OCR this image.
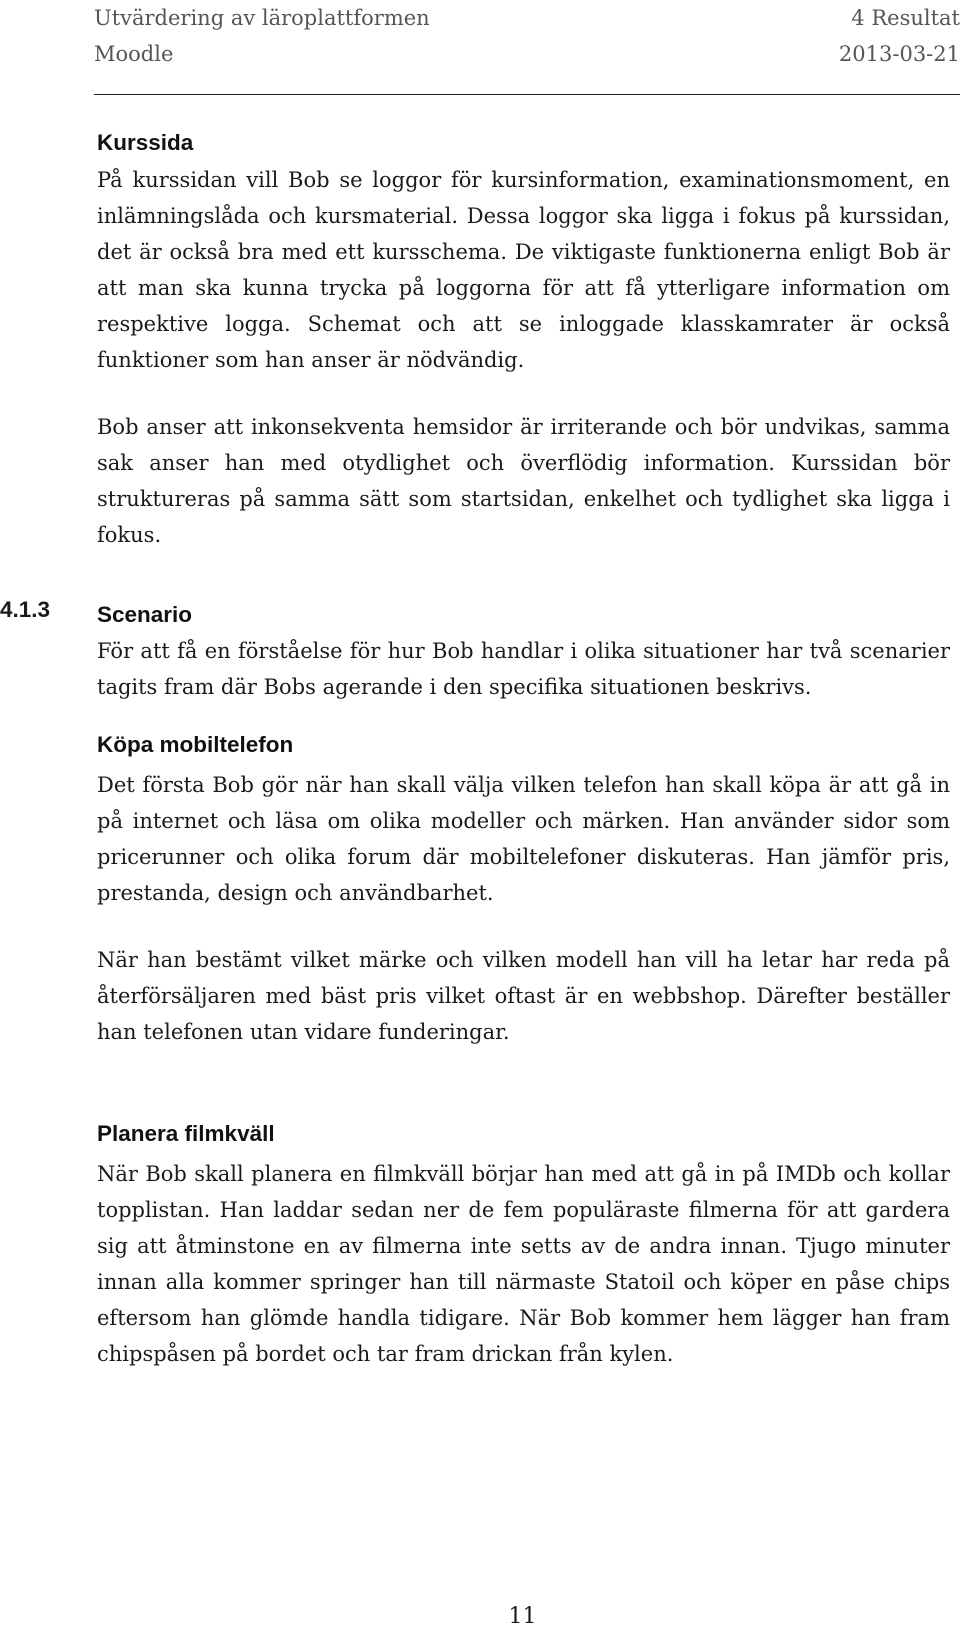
Utvärdering av läroplattformen	4 Resultat
Moodle	2013-03-21
Kurssida

På kurssidan vill Bob se loggor för kursinformation, examinationsmoment, en inlämningslåda och kursmaterial. Dessa loggor ska ligga i fokus på kurssidan, det är också bra med ett kursschema. De viktigaste funktionerna enligt Bob är att man ska kunna trycka på loggorna för att få ytterligare information om respektive logga. Schemat och att se inloggade klasskamrater är också funktioner som han anser är nödvändig.

Bob anser att inkonsekventa hemsidor är irriterande och bör undvikas, samma sak anser han med otydlighet och överflödig information. Kurssidan bör struktureras på samma sätt som startsidan, enkelhet och tydlighet ska ligga i fokus.

4.1.3 Scenario

För att få en förståelse för hur Bob handlar i olika situationer har två scenarier tagits fram där Bobs agerande i den specifika situationen beskrivs.

Köpa mobiltelefon

Det första Bob gör när han skall välja vilken telefon han skall köpa är att gå in på internet och läsa om olika modeller och märken. Han använder sidor som pricerunner och olika forum där mobiltelefoner diskuteras. Han jämför pris, prestanda, design och användbarhet.

När han bestämt vilket märke och vilken modell han vill ha letar har reda på återförsäljaren med bäst pris vilket oftast är en webbshop. Därefter beställer han telefonen utan vidare funderingar.

Planera filmkväll

När Bob skall planera en filmkväll börjar han med att gå in på IMDb och kollar topplistan. Han laddar sedan ner de fem populäraste filmerna för att gardera sig att åtminstone en av filmerna inte setts av de andra innan. Tjugo minuter innan alla kommer springer han till närmaste Statoil och köper en påse chips eftersom han glömde handla tidigare. När Bob kommer hem lägger han fram chipspåsen på bordet och tar fram drickan från kylen.

11
